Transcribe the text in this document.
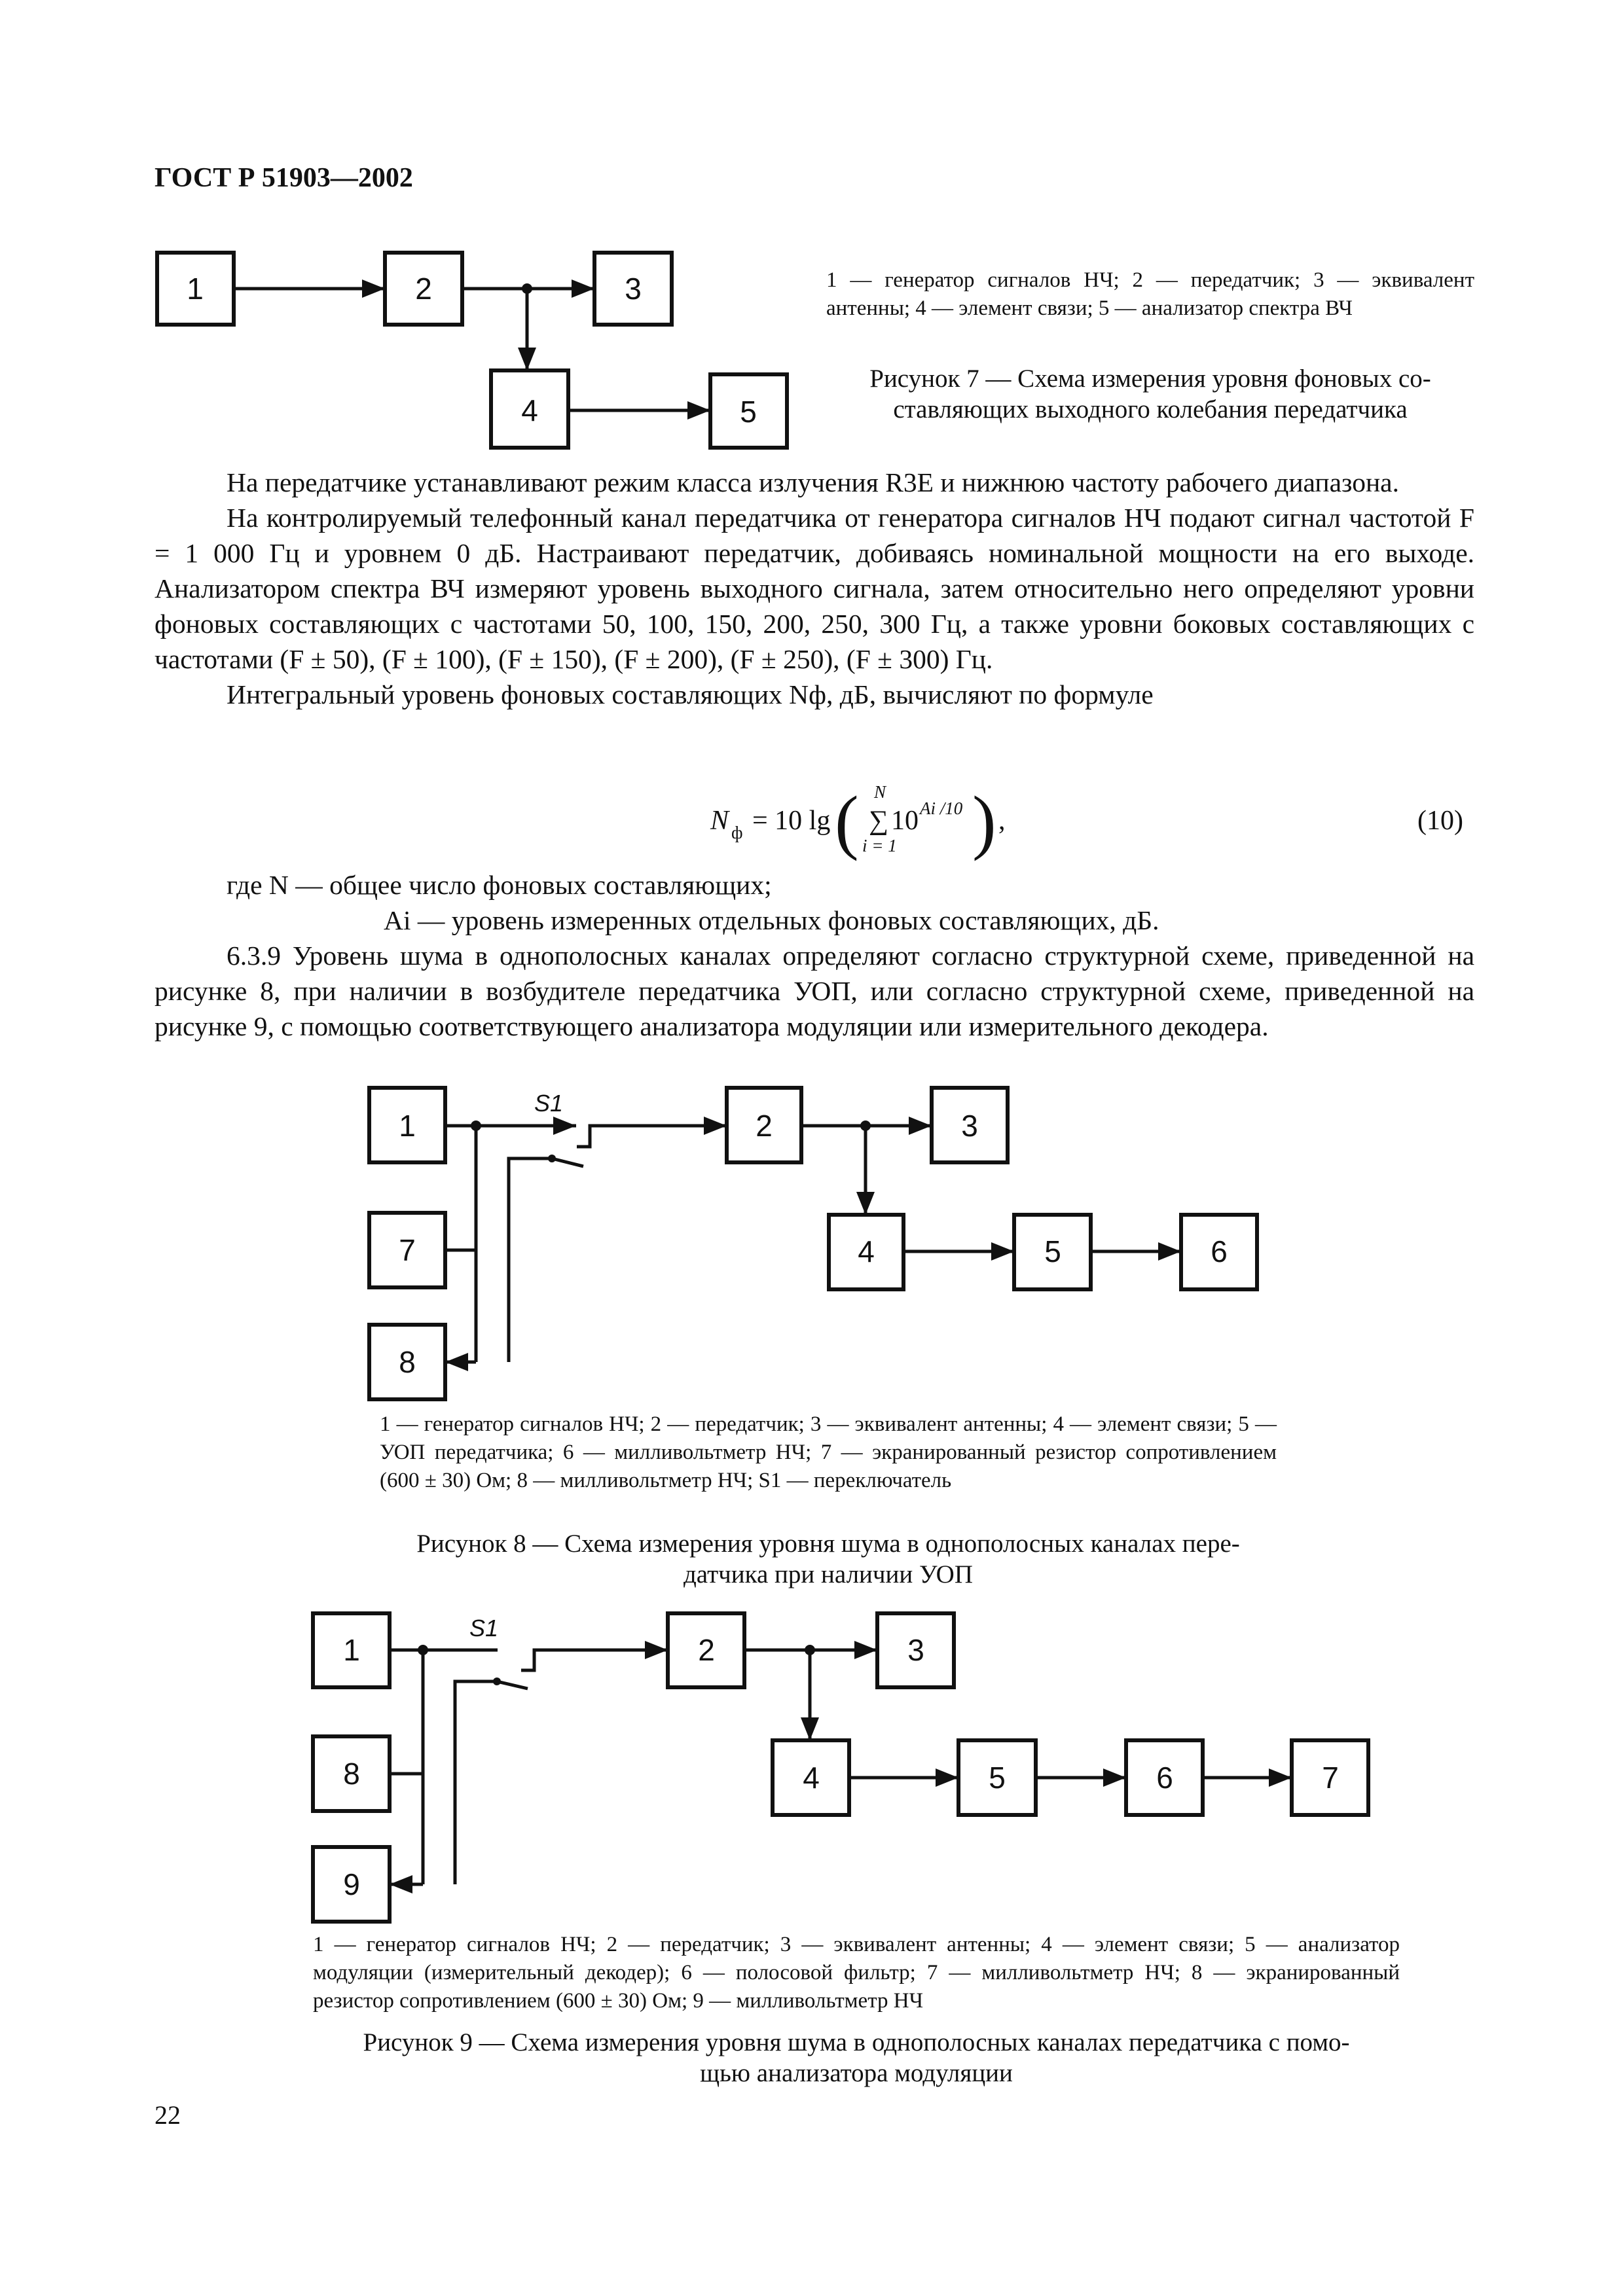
ГОСТ Р 51903—2002
1	2	3
4	5
S1
1	2	3
4	5	6
7
8
S1
1	2	3
4	5	6	7
8
9
1 — генератор сигналов НЧ; 2 — передатчик; 3 — эквивалент антенны; 4 — элемент связи; 5 — анализатор спектра ВЧ
Рисунок 7 — Схема измерения уровня фоновых со-
ставляющих выходного колебания передатчика

На передатчике устанавливают режим класса излучения R3E и нижнюю частоту рабочего диапазона.

На контролируемый телефонный канал передатчика от генератора сигналов НЧ подают сигнал частотой F = 1 000 Гц и уровнем 0 дБ. Настраивают передатчик, добиваясь номинальной мощности на его выходе. Анализатором спектра ВЧ измеряют уровень выходного сигнала, затем относительно него определяют уровни фоновых составляющих с частотами 50, 100, 150, 200, 250, 300 Гц, а также уровни боковых составляющих с частотами (F ± 50), (F ± 100), (F ± 150), (F ± 200), (F ± 250), (F ± 300) Гц.

Интегральный уровень фоновых составляющих Nф, дБ, вычисляют по формуле

N ф = 10 lg ( N
∑
i = 1
10 Ai /10 ) ,	(10)

где N — общее число фоновых составляющих;

Ai — уровень измеренных отдельных фоновых составляющих, дБ.

6.3.9 Уровень шума в однополосных каналах определяют согласно структурной схеме, приведенной на рисунке 8, при наличии в возбудителе передатчика УОП, или согласно структурной схеме, приведенной на рисунке 9, с помощью соответствующего анализатора модуляции или измерительного декодера.

1 — генератор сигналов НЧ; 2 — передатчик; 3 — эквивалент антенны; 4 — элемент связи; 5 — УОП передатчика; 6 — милливольтметр НЧ; 7 — экранированный резистор сопротивлением (600 ± 30) Ом; 8 — милливольтметр НЧ; S1 — переключатель
Рисунок 8 — Схема измерения уровня шума в однополосных каналах пере-
датчика при наличии УОП
1 — генератор сигналов НЧ; 2 — передатчик; 3 — эквивалент антенны; 4 — элемент связи; 5 — анализатор модуляции (измерительный декодер); 6 — полосовой фильтр; 7 — милливольтметр НЧ; 8 — экранированный резистор сопротивлением (600 ± 30) Ом; 9 — милливольтметр НЧ
Рисунок 9 — Схема измерения уровня шума в однополосных каналах передатчика с помо-
щью анализатора модуляции
22
